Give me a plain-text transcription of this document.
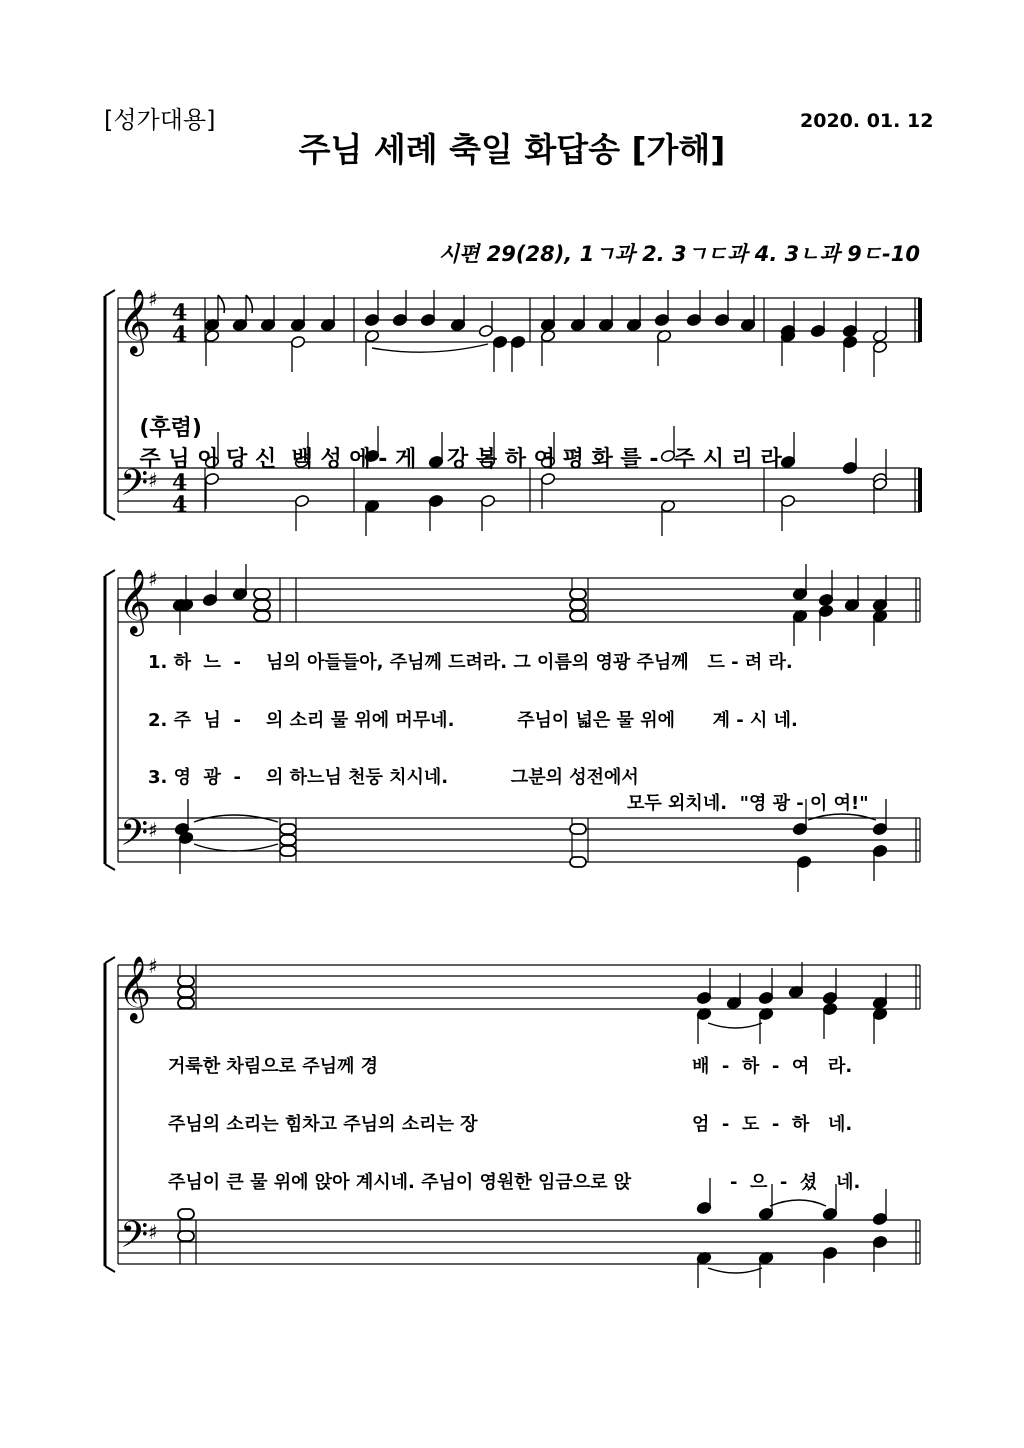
[성가대용]	2020. 01. 12
주님 세례 축일 화답송 [가해]
시편 29(28), 1ㄱ과 2. 3ㄱㄷ과 4. 3ㄴ과 9ㄷ-10
𝄞
𝄢
♯
♯
4
4
4
4
𝄞
𝄢
♯
♯
𝄞
𝄢
♯
♯

(후렴)
주 님 이 당 신  백 성 에 - 게    강 복 하 여 평 화 를 -  주 시 리 라.

1. 하  느  -    님의 아들들아, 주님께 드려라. 그 이름의 영광 주님께   드 - 려 라.
2. 주  님  -    의 소리 물 위에 머무네.          주님이 넓은 물 위에      계 - 시 네.
3. 영  광  -    의 하느님 천둥 치시네.          그분의 성전에서
모두 외치네.  "영 광 - 이 여!"
거룩한 차림으로 주님께 경	배  -  하  -  여   라.
주님의 소리는 힘차고 주님의 소리는 장	엄  -  도  -  하   네.
주님이 큰 물 위에 앉아 계시네. 주님이 영원한 임금으로 앉	-  으  -  셨   네.
